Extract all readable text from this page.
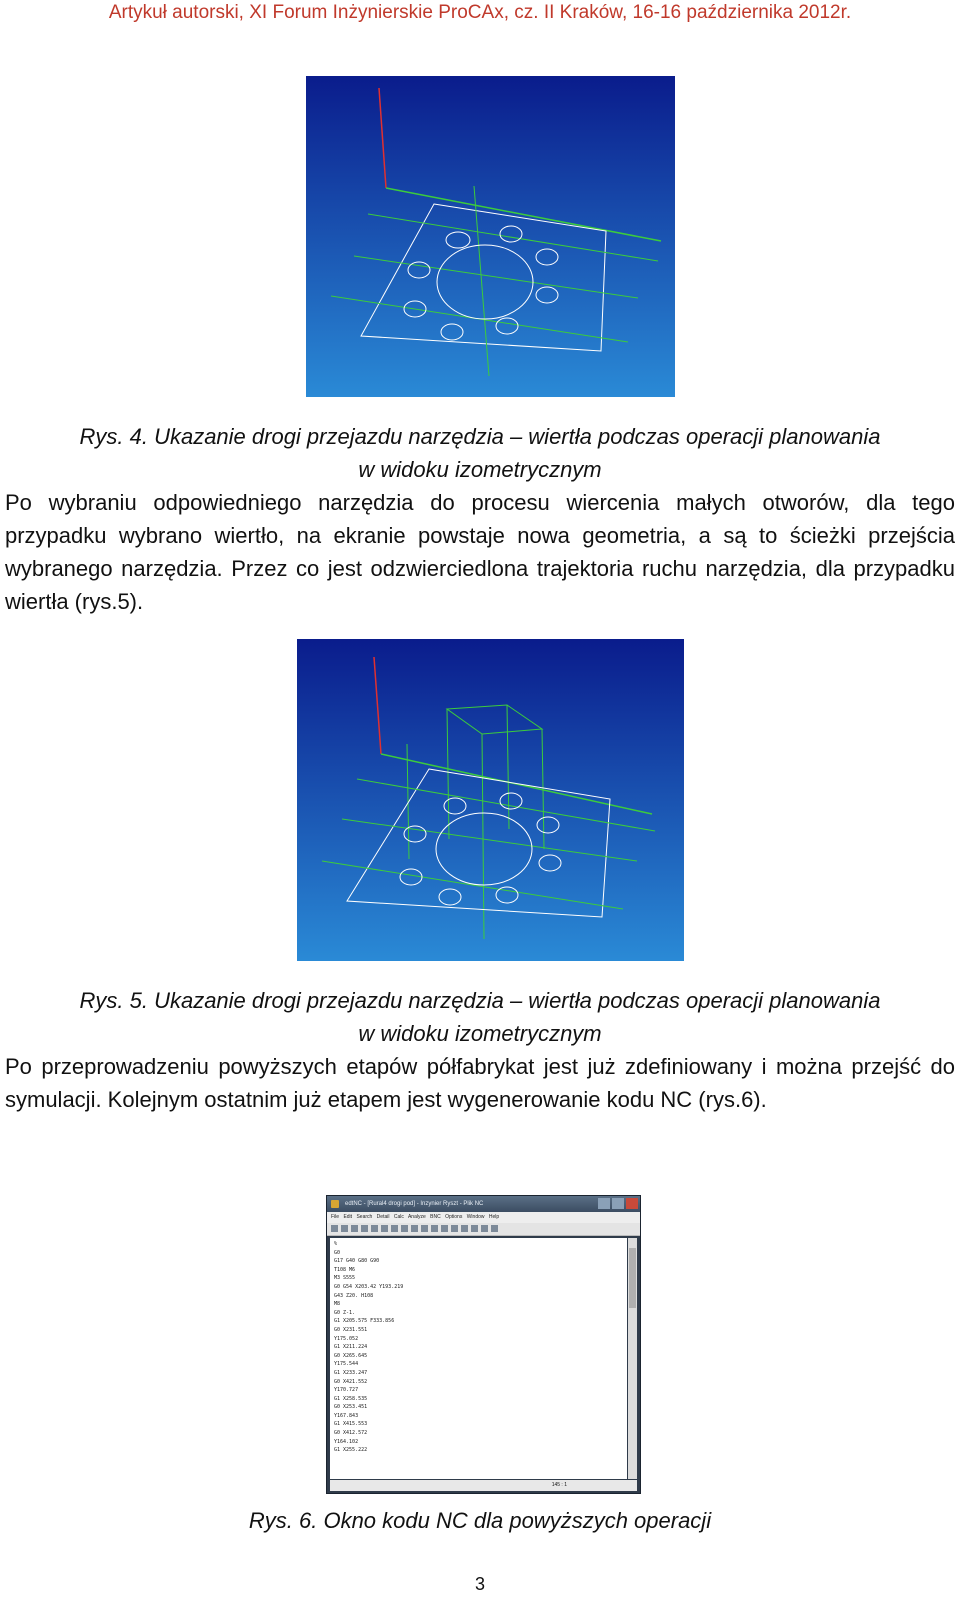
Artykuł autorski, XI Forum Inżynierskie ProCAx, cz. II Kraków, 16-16 października 2012r.
Rys. 4. Ukazanie drogi przejazdu narzędzia – wiertła podczas operacji planowania
w widoku izometrycznym
Po wybraniu odpowiedniego narzędzia do procesu wiercenia małych otworów, dla tego przypadku wybrano wiertło, na ekranie powstaje nowa geometria, a są to ścieżki przejścia wybranego narzędzia. Przez co jest odzwierciedlona trajektoria ruchu narzędzia, dla przypadku wiertła (rys.5).
Rys. 5. Ukazanie drogi przejazdu narzędzia – wiertła podczas operacji planowania
w widoku izometrycznym
Po przeprowadzeniu powyższych etapów półfabrykat jest już zdefiniowany i można przejść do symulacji. Kolejnym ostatnim już etapem jest wygenerowanie kodu NC (rys.6).
edtNC - [Rural4 drogi pod] - Inzynier Ryszt - Plik NC
File Edit Search Detail Calc Analyze BNC Options Window Help
%
G0
G17 G40 G80 G90
T108 M6
M3 S555
G0 G54 X203.42 Y193.219
G43 Z20. H108
M8
G0 Z-1.
G1 X205.575 F333.856
G0 X231.551
Y175.052
G1 X211.224
G0 X265.645
Y175.544
G1 X233.247
G0 X421.552
Y170.727
G1 X258.535
G0 X253.451
Y167.843
G1 X415.553
G0 X412.572
Y164.102
G1 X255.222
145 : 1
Rys. 6. Okno kodu NC dla powyższych operacji
3
